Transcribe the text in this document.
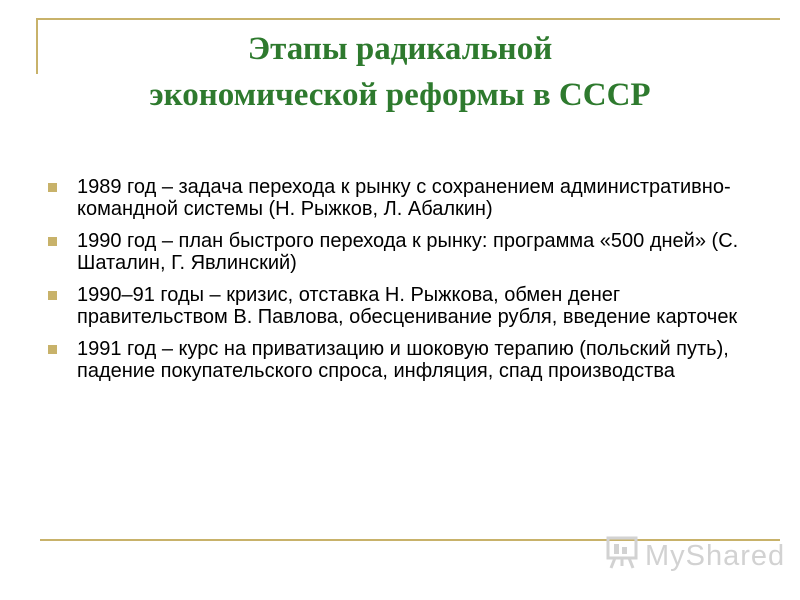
Этапы радикальной
экономической реформы в СССР
1989 год – задача перехода к рынку с сохранением административно-командной системы (Н. Рыжков, Л. Абалкин)
1990 год – план быстрого перехода к рынку: программа «500 дней» (С. Шаталин, Г. Явлинский)
1990–91 годы – кризис, отставка Н. Рыжкова, обмен денег правительством В. Павлова, обесценивание рубля, введение карточек
1991 год – курс на приватизацию и шоковую терапию (польский путь), падение покупательского спроса, инфляция, спад производства
MyShared
